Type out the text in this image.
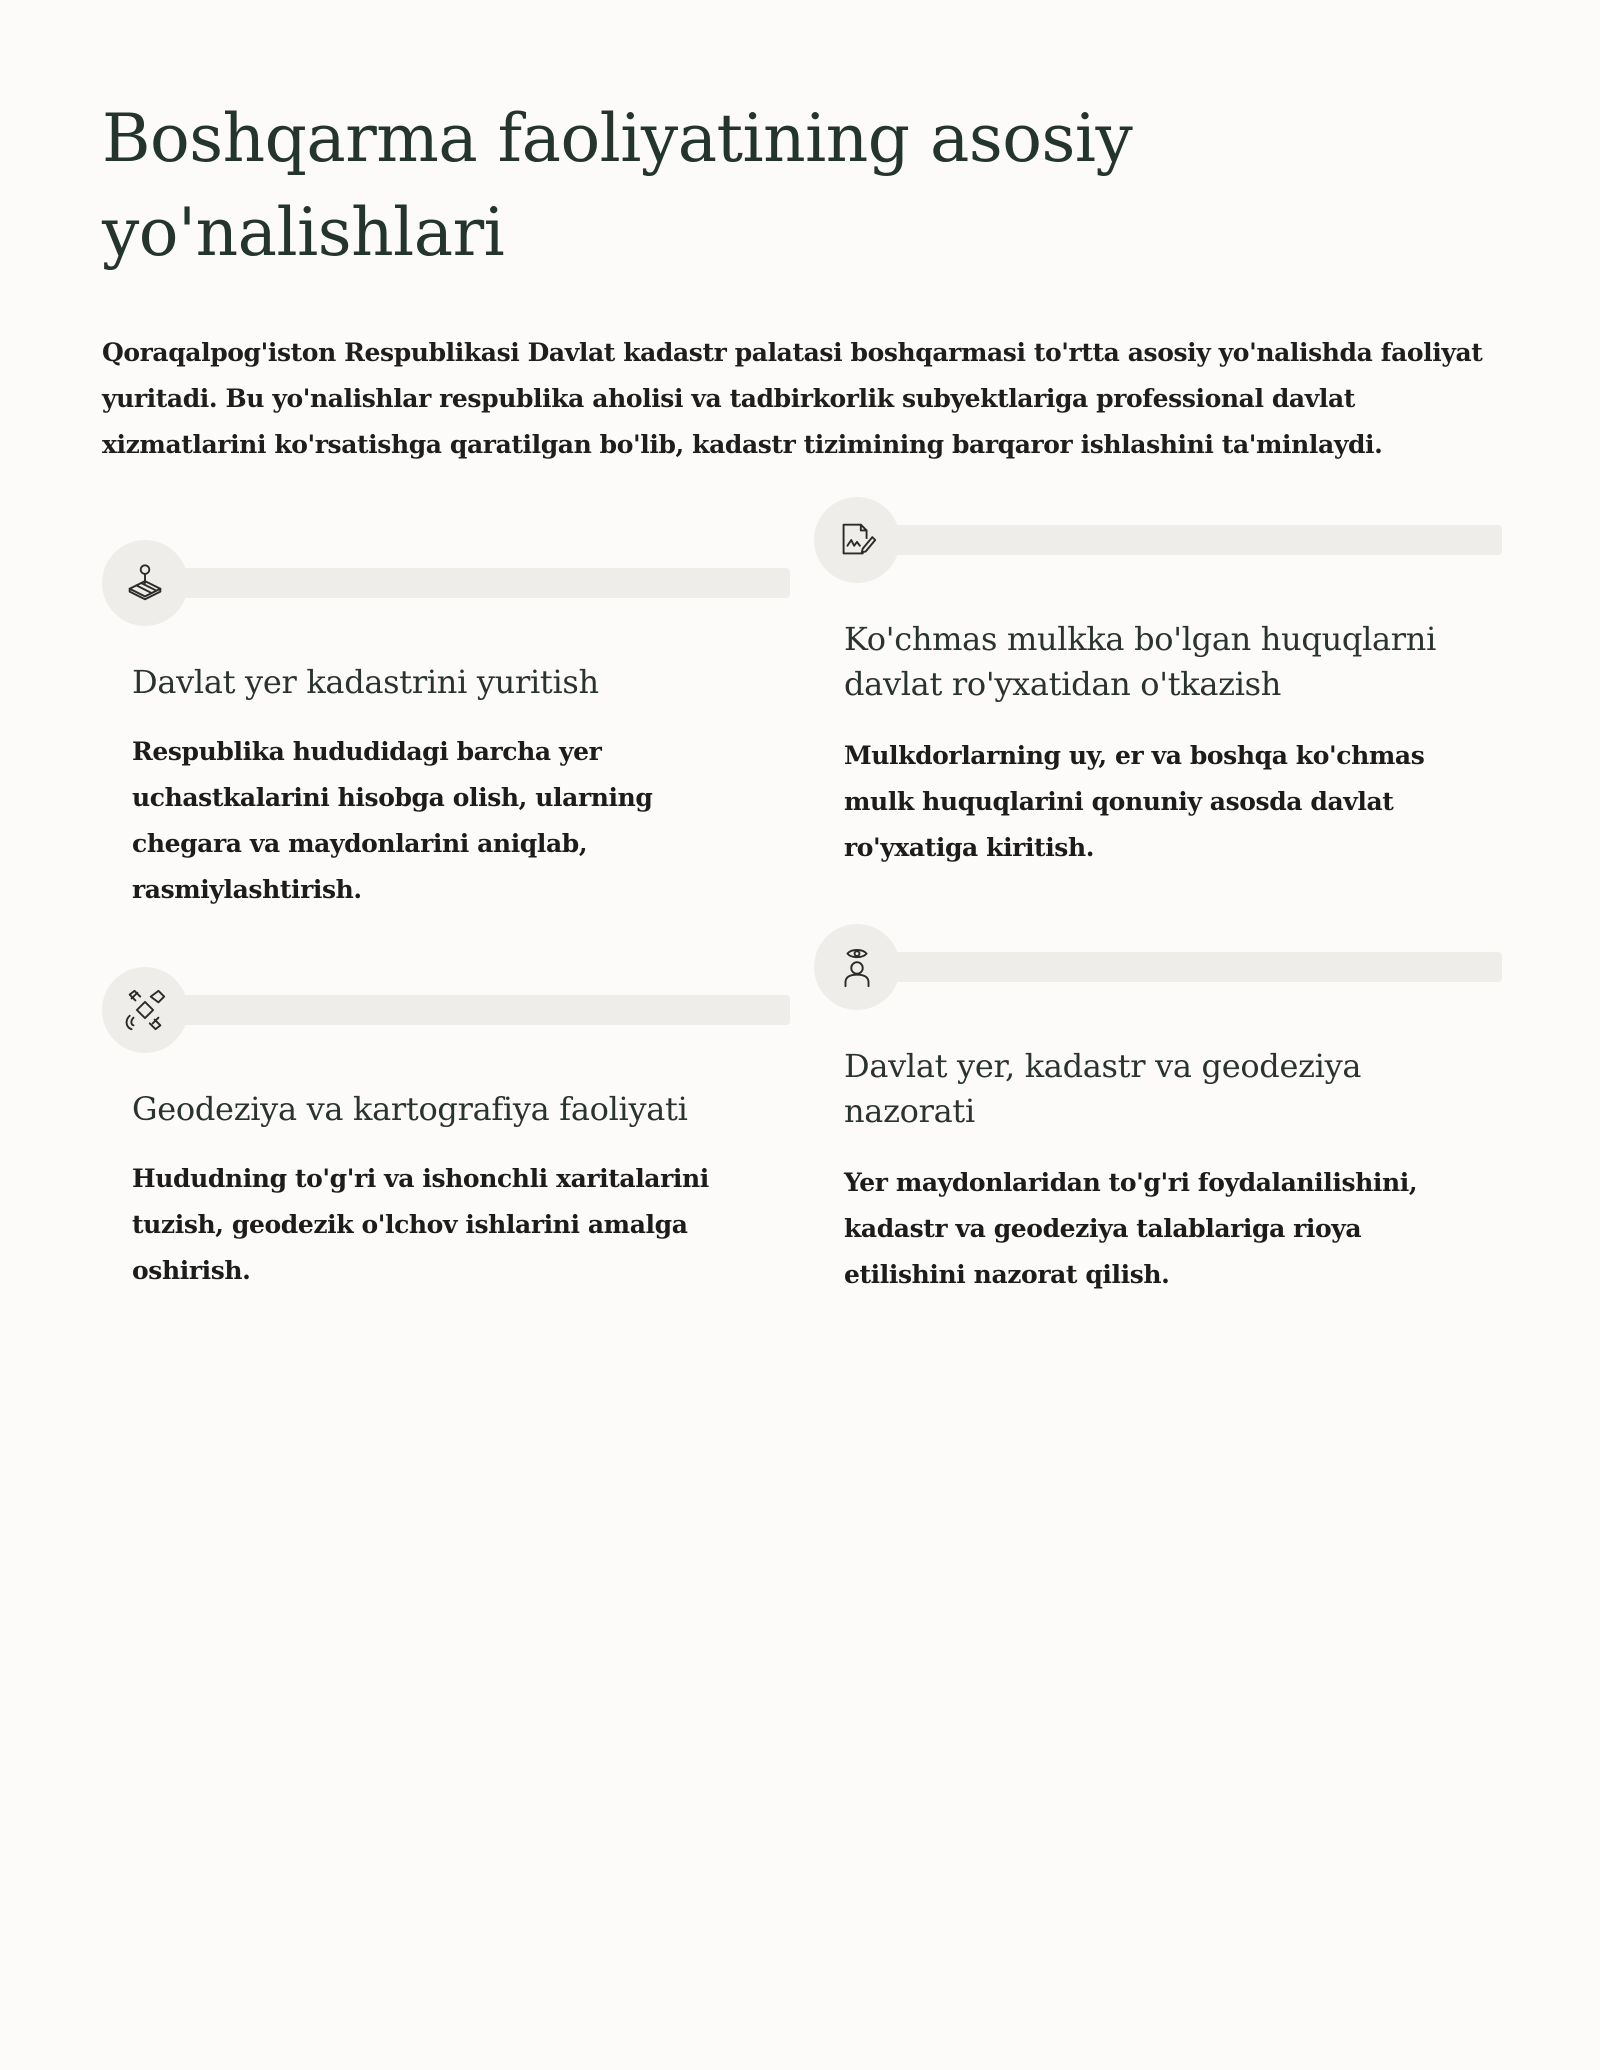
Boshqarma faoliyatining asosiy yo'nalishlari

Qoraqalpog'iston Respublikasi Davlat kadastr palatasi boshqarmasi to'rtta asosiy yo'nalishda faoliyat yuritadi. Bu yo'nalishlar respublika aholisi va tadbirkorlik subyektlariga professional davlat xizmatlarini ko'rsatishga qaratilgan bo'lib, kadastr tizimining barqaror ishlashini ta'minlaydi.

Davlat yer kadastrini yuritish

Respublika hududidagi barcha yer uchastkalarini hisobga olish, ularning chegara va maydonlarini aniqlab, rasmiylashtirish.

Ko'chmas mulkka bo'lgan huquqlarni davlat ro'yxatidan o'tkazish

Mulkdorlarning uy, er va boshqa ko'chmas mulk huquqlarini qonuniy asosda davlat ro'yxatiga kiritish.

Geodeziya va kartografiya faoliyati

Hududning to'g'ri va ishonchli xaritalarini tuzish, geodezik o'lchov ishlarini amalga oshirish.

Davlat yer, kadastr va geodeziya nazorati

Yer maydonlaridan to'g'ri foydalanilishini, kadastr va geodeziya talablariga rioya etilishini nazorat qilish.
